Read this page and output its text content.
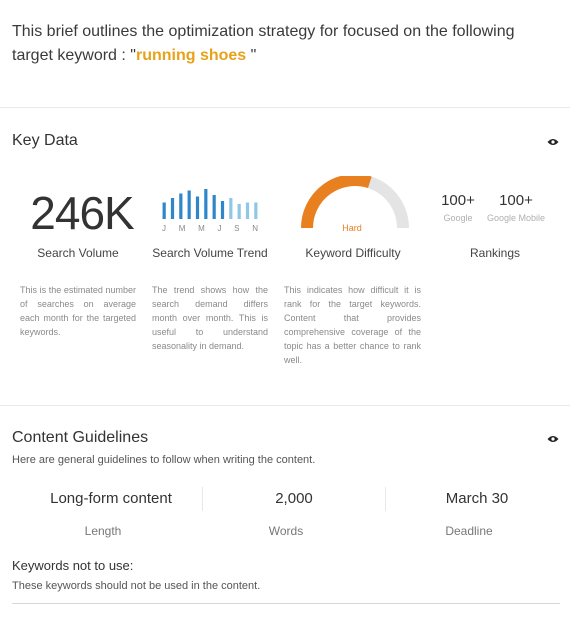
This brief outlines the optimization strategy for focused on the following target keyword : "running shoes "
Key Data
246K
Search Volume
This is the estimated number of searches on average each month for the targeted keywords.
J M M J S N
Search Volume Trend
The trend shows how the search demand differs month over month. This is useful to understand seasonality in demand.
Hard
Keyword Difficulty
This indicates how difficult it is rank for the target keywords. Content that provides comprehensive coverage of the topic has a better chance to rank well.
100+	100+
Google	Google Mobile
Rankings
Content Guidelines
Here are general guidelines to follow when writing the content.
Long-form content	2,000	March 30
Length	Words	Deadline
Keywords not to use:
These keywords should not be used in the content.
